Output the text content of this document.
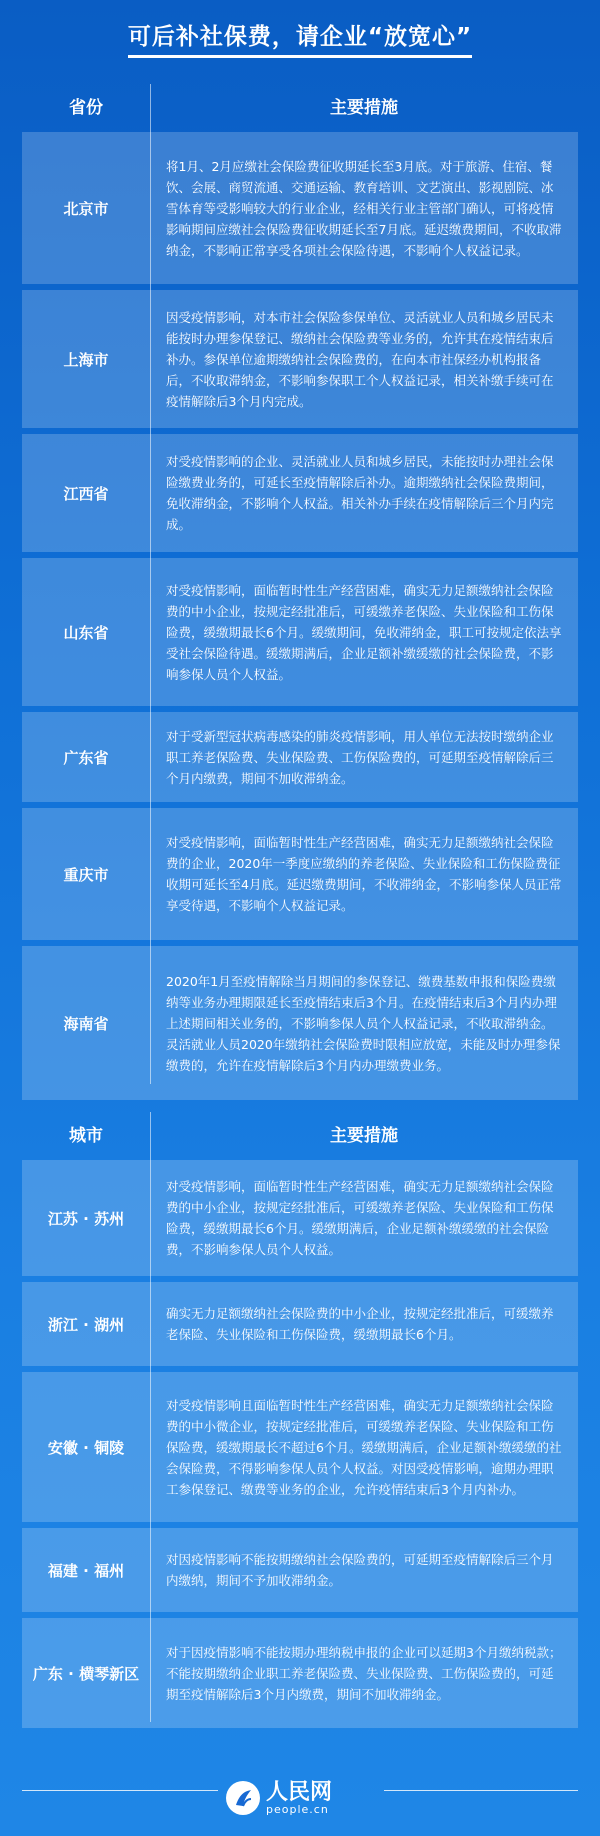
可后补社保费，请企业“放宽心”
省份	主要措施
北京市
将1月、2月应缴社会保险费征收期延长至3月底。对于旅游、住宿、餐饮、会展、商贸流通、交通运输、教育培训、文艺演出、影视剧院、冰雪体育等受影响较大的行业企业，经相关行业主管部门确认，可将疫情影响期间应缴社会保险费征收期延长至7月底。延迟缴费期间，不收取滞纳金，不影响正常享受各项社会保险待遇，不影响个人权益记录。
上海市
因受疫情影响，对本市社会保险参保单位、灵活就业人员和城乡居民未能按时办理参保登记、缴纳社会保险费等业务的，允许其在疫情结束后补办。参保单位逾期缴纳社会保险费的，在向本市社保经办机构报备后，不收取滞纳金，不影响参保职工个人权益记录，相关补缴手续可在疫情解除后3个月内完成。
江西省
对受疫情影响的企业、灵活就业人员和城乡居民，未能按时办理社会保险缴费业务的，可延长至疫情解除后补办。逾期缴纳社会保险费期间，免收滞纳金，不影响个人权益。相关补办手续在疫情解除后三个月内完成。
山东省
对受疫情影响，面临暂时性生产经营困难，确实无力足额缴纳社会保险费的中小企业，按规定经批准后，可缓缴养老保险、失业保险和工伤保险费，缓缴期最长6个月。缓缴期间，免收滞纳金，职工可按规定依法享受社会保险待遇。缓缴期满后，企业足额补缴缓缴的社会保险费，不影响参保人员个人权益。
广东省
对于受新型冠状病毒感染的肺炎疫情影响，用人单位无法按时缴纳企业职工养老保险费、失业保险费、工伤保险费的，可延期至疫情解除后三个月内缴费，期间不加收滞纳金。
重庆市
对受疫情影响，面临暂时性生产经营困难，确实无力足额缴纳社会保险费的企业，2020年一季度应缴纳的养老保险、失业保险和工伤保险费征收期可延长至4月底。延迟缴费期间，不收滞纳金，不影响参保人员正常享受待遇，不影响个人权益记录。
海南省
2020年1月至疫情解除当月期间的参保登记、缴费基数申报和保险费缴纳等业务办理期限延长至疫情结束后3个月。在疫情结束后3个月内办理上述期间相关业务的，不影响参保人员个人权益记录，不收取滞纳金。灵活就业人员2020年缴纳社会保险费时限相应放宽，未能及时办理参保缴费的，允许在疫情解除后3个月内办理缴费业务。
城市	主要措施
江苏 · 苏州
对受疫情影响，面临暂时性生产经营困难，确实无力足额缴纳社会保险费的中小企业，按规定经批准后，可缓缴养老保险、失业保险和工伤保险费，缓缴期最长6个月。缓缴期满后，企业足额补缴缓缴的社会保险费，不影响参保人员个人权益。
浙江 · 湖州
确实无力足额缴纳社会保险费的中小企业，按规定经批准后，可缓缴养老保险、失业保险和工伤保险费，缓缴期最长6个月。
安徽 · 铜陵
对受疫情影响且面临暂时性生产经营困难，确实无力足额缴纳社会保险费的中小微企业，按规定经批准后，可缓缴养老保险、失业保险和工伤保险费，缓缴期最长不超过6个月。缓缴期满后，企业足额补缴缓缴的社会保险费，不得影响参保人员个人权益。对因受疫情影响，逾期办理职工参保登记、缴费等业务的企业，允许疫情结束后3个月内补办。
福建 · 福州
对因疫情影响不能按期缴纳社会保险费的，可延期至疫情解除后三个月内缴纳，期间不予加收滞纳金。
广东 · 横琴新区
对于因疫情影响不能按期办理纳税申报的企业可以延期3个月缴纳税款；不能按期缴纳企业职工养老保险费、失业保险费、工伤保险费的，可延期至疫情解除后3个月内缴费，期间不加收滞纳金。
人民网
people.cn
